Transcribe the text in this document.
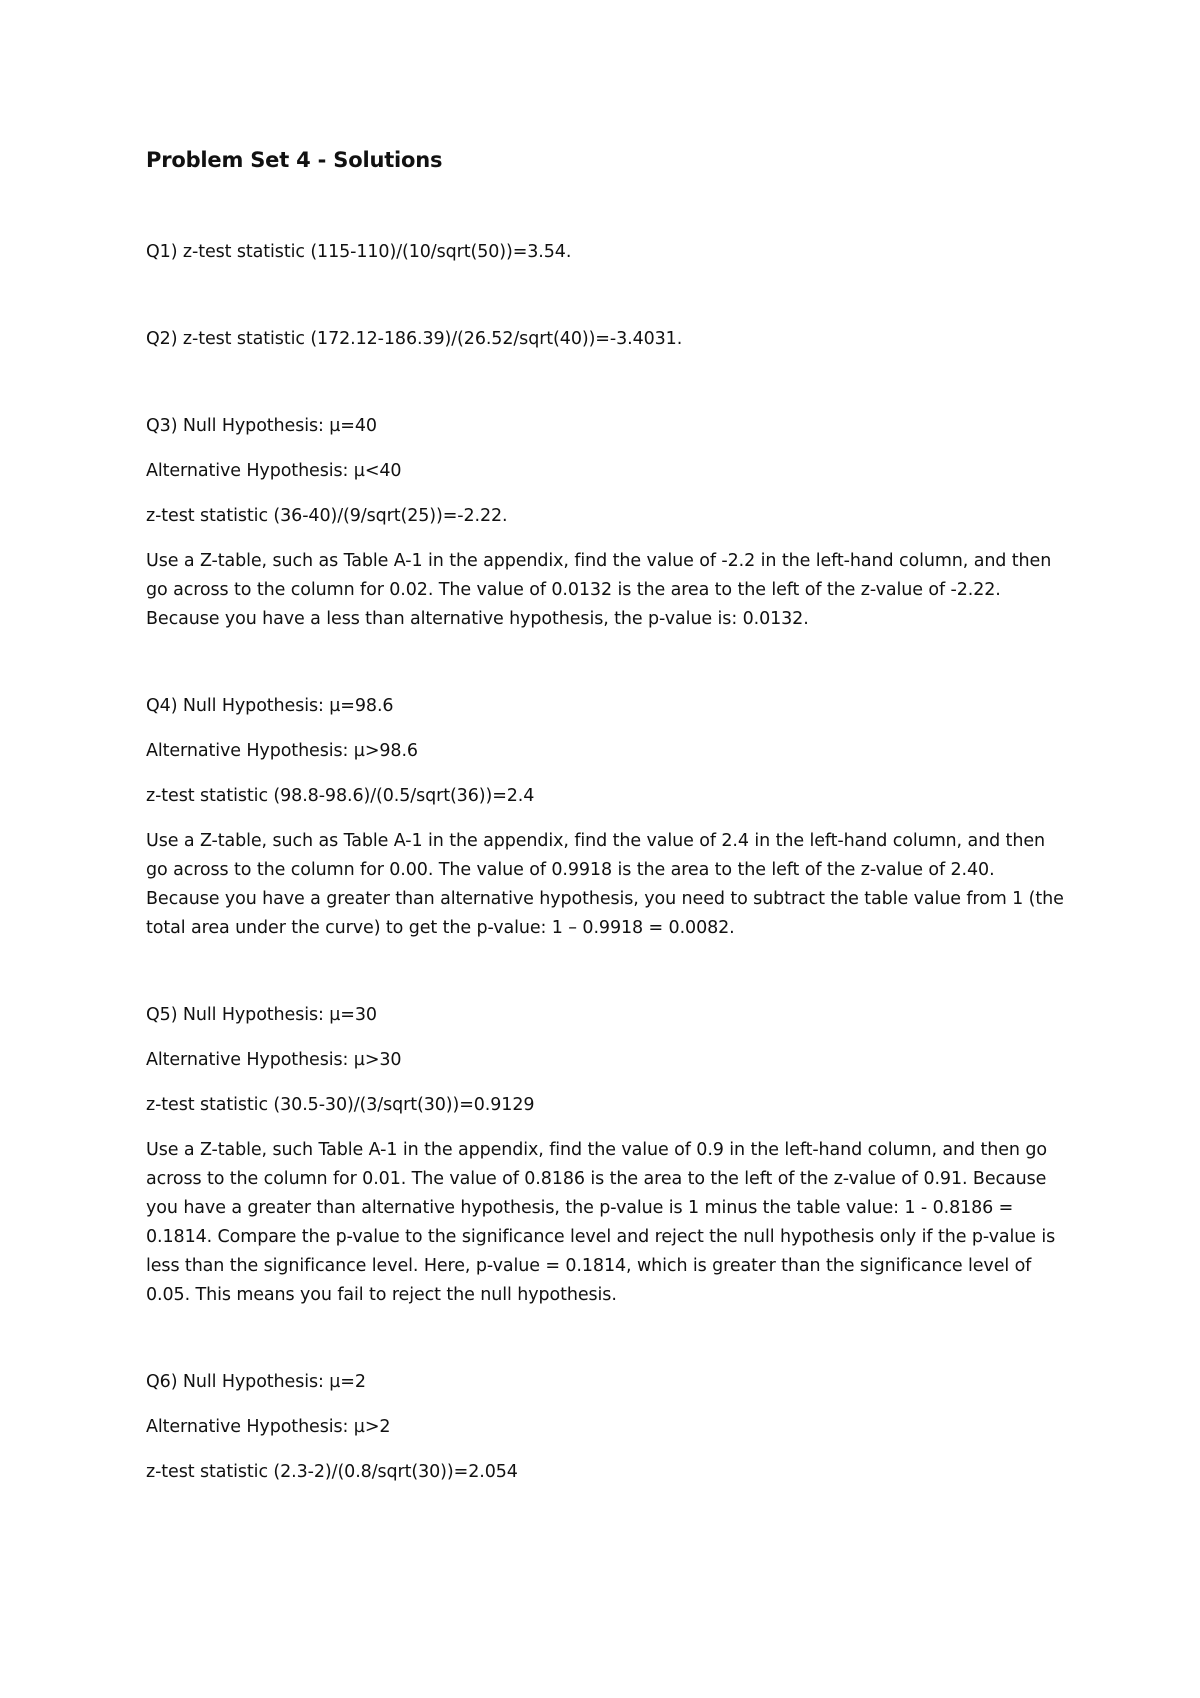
Problem Set 4 - Solutions

Q1) z-test statistic (115-110)/(10/sqrt(50))=3.54.

Q2) z-test statistic (172.12-186.39)/(26.52/sqrt(40))=-3.4031.

Q3) Null Hypothesis: µ=40

Alternative Hypothesis: µ<40

z-test statistic (36-40)/(9/sqrt(25))=-2.22.

Use a Z-table, such as Table A-1 in the appendix, find the value of -2.2 in the left-hand column, and then go across to the column for 0.02. The value of 0.0132 is the area to the left of the z-value of -2.22. Because you have a less than alternative hypothesis, the p-value is: 0.0132.

Q4) Null Hypothesis: µ=98.6

Alternative Hypothesis: µ>98.6

z-test statistic (98.8-98.6)/(0.5/sqrt(36))=2.4

Use a Z-table, such as Table A-1 in the appendix, find the value of 2.4 in the left-hand column, and then go across to the column for 0.00. The value of 0.9918 is the area to the left of the z-value of 2.40. Because you have a greater than alternative hypothesis, you need to subtract the table value from 1 (the total area under the curve) to get the p-value: 1 – 0.9918 = 0.0082.

Q5) Null Hypothesis: µ=30

Alternative Hypothesis: µ>30

z-test statistic (30.5-30)/(3/sqrt(30))=0.9129

Use a Z-table, such Table A-1 in the appendix, find the value of 0.9 in the left-hand column, and then go across to the column for 0.01. The value of 0.8186 is the area to the left of the z-value of 0.91. Because you have a greater than alternative hypothesis, the p-value is 1 minus the table value: 1 - 0.8186 = 0.1814. Compare the p-value to the significance level and reject the null hypothesis only if the p-value is less than the significance level. Here, p-value = 0.1814, which is greater than the significance level of 0.05. This means you fail to reject the null hypothesis.

Q6) Null Hypothesis: µ=2

Alternative Hypothesis: µ>2

z-test statistic (2.3-2)/(0.8/sqrt(30))=2.054
